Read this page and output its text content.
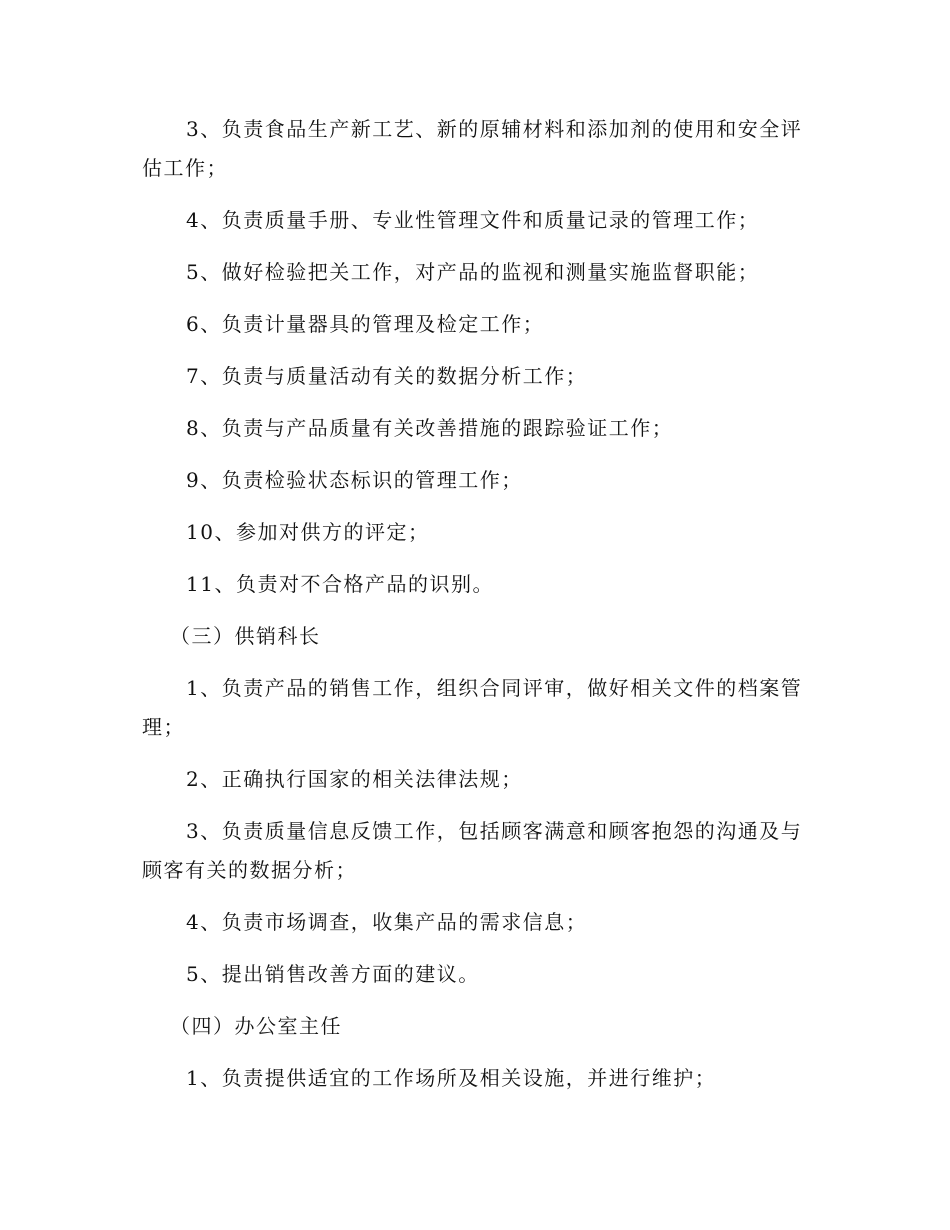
3、负责食品生产新工艺、新的原辅材料和添加剂的使用和安全评估工作；

4、负责质量手册、专业性管理文件和质量记录的管理工作；

5、做好检验把关工作，对产品的监视和测量实施监督职能；

6、负责计量器具的管理及检定工作；

7、负责与质量活动有关的数据分析工作；

8、负责与产品质量有关改善措施的跟踪验证工作；

9、负责检验状态标识的管理工作；

10、参加对供方的评定；

11、负责对不合格产品的识别。

（三）供销科长

1、负责产品的销售工作，组织合同评审，做好相关文件的档案管理；

2、正确执行国家的相关法律法规；

3、负责质量信息反馈工作，包括顾客满意和顾客抱怨的沟通及与顾客有关的数据分析；

4、负责市场调查，收集产品的需求信息；

5、提出销售改善方面的建议。

（四）办公室主任

1、负责提供适宜的工作场所及相关设施，并进行维护；
